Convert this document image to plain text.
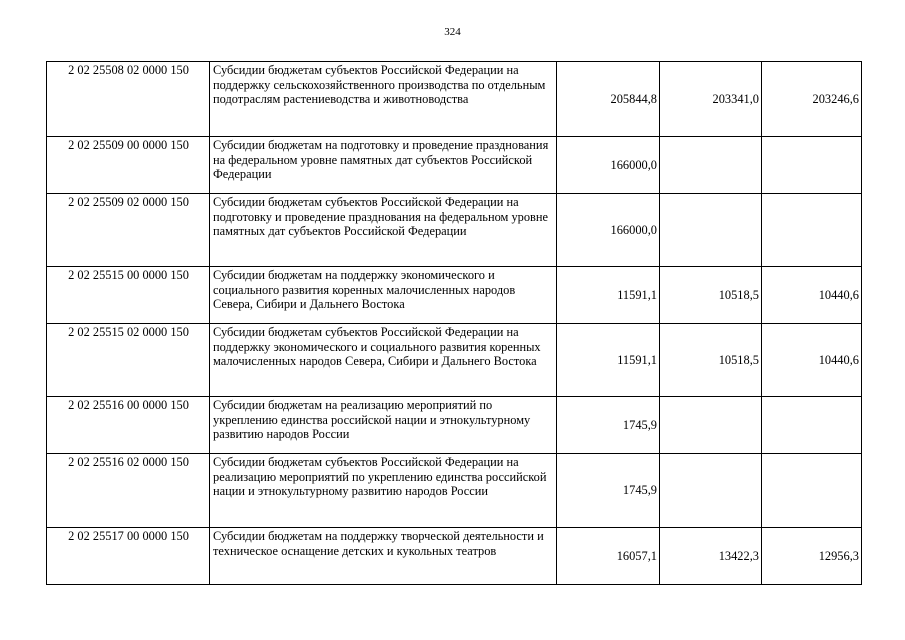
324
2 02 25508 02 0000 150	Субсидии бюджетам субъектов Российской Федерации на поддержку сельскохозяйственного производства по отдельным подотраслям растениеводства и животноводства	205844,8	203341,0	203246,6
2 02 25509 00 0000 150	Субсидии бюджетам на подготовку и проведение празднования на федеральном уровне памятных дат субъектов Российской Федерации	166000,0		
2 02 25509 02 0000 150	Субсидии бюджетам субъектов Российской Федерации на подготовку и проведение празднования на федеральном уровне памятных дат субъектов Российской Федерации	166000,0		
2 02 25515 00 0000 150	Субсидии бюджетам на поддержку экономического и социального развития коренных малочисленных народов Севера, Сибири и Дальнего Востока	11591,1	10518,5	10440,6
2 02 25515 02 0000 150	Субсидии бюджетам субъектов Российской Федерации на поддержку экономического и социального развития коренных малочисленных народов Севера, Сибири и Дальнего Востока	11591,1	10518,5	10440,6
2 02 25516 00 0000 150	Субсидии бюджетам на реализацию мероприятий по укреплению единства российской нации и этнокультурному развитию народов России	1745,9		
2 02 25516 02 0000 150	Субсидии бюджетам субъектов Российской Федерации на реализацию мероприятий по укреплению единства российской нации и этнокультурному развитию народов России	1745,9		
2 02 25517 00 0000 150	Субсидии бюджетам на поддержку творческой деятельности и техническое оснащение детских и кукольных театров	16057,1	13422,3	12956,3
